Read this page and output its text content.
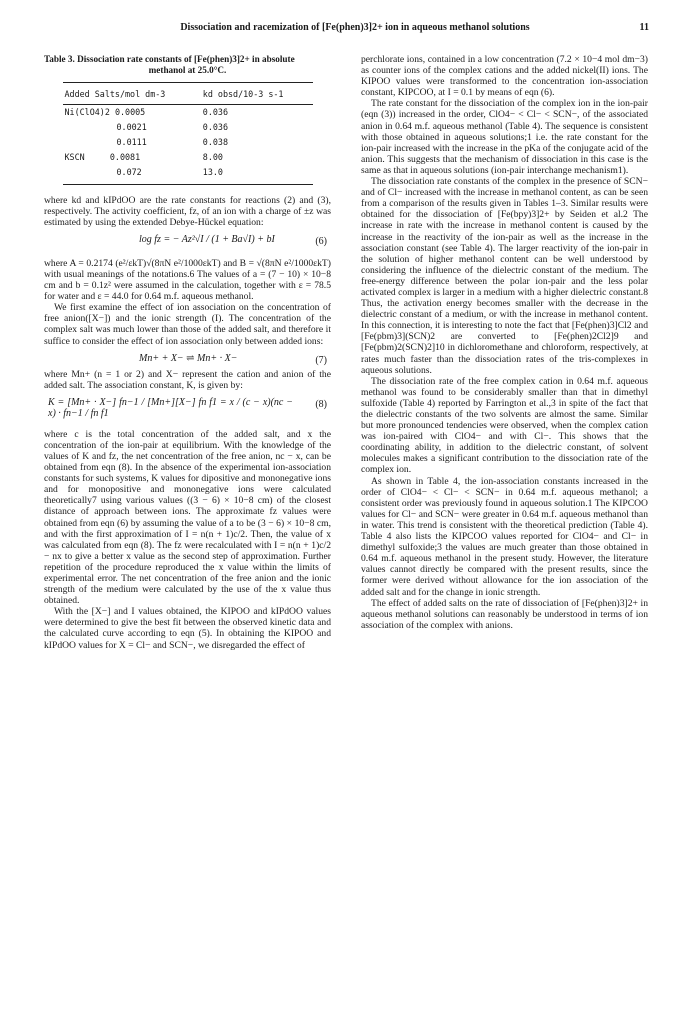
Dissociation and racemization of [Fe(phen)3]2+ ion in aqueous methanol solutions	11

Table 3. Dissociation rate constants of [Fe(phen)3]2+ in absolute
methanol at 25.0°C.

Added Salts/mol dm-3	kd obsd/10-3 s-1
Ni(ClO4)2 0.0005	0.036
0.0021	0.036
0.0111	0.038
KSCN 0.0081	8.00
0.072	13.0

where kd and kIPdOO are the rate constants for reactions (2) and (3), respectively. The activity coefficient, fz, of an ion with a charge of ±z was estimated by using the extended Debye-Hückel equation:

log fz = − Az²√I / (1 + Ba√I) + bI	(6)

where A = 0.2174 (e²/εkT)√(8πN e²/1000εkT) and B = √(8πN e²/1000εkT) with usual meanings of the notations.6 The values of a = (7 − 10) × 10−8 cm and b = 0.1z² were assumed in the calculation, together with ε = 78.5 for water and ε = 44.0 for 0.64 m.f. aqueous methanol.

We first examine the effect of ion association on the concentration of free anion([X−]) and the ionic strength (I). The concentration of the complex salt was much lower than those of the added salt, and therefore it suffice to consider the effect of ion association only between added ions:

Mn+ + X− ⇌ Mn+ · X−	(7)

where Mn+ (n = 1 or 2) and X− represent the cation and anion of the added salt. The association constant, K, is given by:

K = [Mn+ · X−] fn−1 / [Mn+][X−] fn f1 = x / (c − x)(nc − x) · fn−1 / fn f1
(8)

where c is the total concentration of the added salt, and x the concentration of the ion-pair at equilibrium. With the knowledge of the values of K and fz, the net concentration of the free anion, nc − x, can be obtained from eqn (8). In the absence of the experimental ion-association constants for such systems, K values for dipositive and mononegative ions and for monopositive and mononegative ions were calculated theoretically7 using various values ((3 − 6) × 10−8 cm) of the closest distance of approach between ions. The approximate fz values were obtained from eqn (6) by assuming the value of a to be (3 − 6) × 10−8 cm, and with the first approximation of I = n(n + 1)c/2. Then, the value of x was calculated from eqn (8). The fz were recalculated with I = n(n + 1)c/2 − nx to give a better x value as the second step of approximation. Further repetition of the procedure reproduced the x value within the limits of experimental error. The net concentration of the free anion and the ionic strength of the medium were calculated by the use of the x value thus obtained.

With the [X−] and I values obtained, the KIPOO and kIPdOO values were determined to give the best fit between the observed kinetic data and the calculated curve according to eqn (5). In obtaining the KIPOO and kIPdOO values for X = Cl− and SCN−, we disregarded the effect of

perchlorate ions, contained in a low concentration (7.2 × 10−4 mol dm−3) as counter ions of the complex cations and the added nickel(II) ions. The KIPOO values were transformed to the concentration ion-association constant, KIPCOO, at I = 0.1 by means of eqn (6).

The rate constant for the dissociation of the complex ion in the ion-pair (eqn (3)) increased in the order, ClO4− < Cl− < SCN−, of the associated anion in 0.64 m.f. aqueous methanol (Table 4). The sequence is consistent with those obtained in aqueous solutions;1 i.e. the rate constant for the ion-pair increased with the increase in the pKa of the conjugate acid of the anion. This suggests that the mechanism of dissociation in this case is the same as that in aqueous solutions (ion-pair interchange mechanism1).

The dissociation rate constants of the complex in the presence of SCN− and of Cl− increased with the increase in methanol content, as can be seen from a comparison of the results given in Tables 1–3. Similar results were obtained for the dissociation of [Fe(bpy)3]2+ by Seiden et al.2 The increase in rate with the increase in methanol content is caused by the increase in the reactivity of the ion-pair as well as the increase in the association constant (see Table 4). The larger reactivity of the ion-pair in the solution of higher methanol content can be well understood by considering the influence of the dielectric constant of the medium. The free-energy difference between the polar ion-pair and the less polar activated complex is larger in a medium with a higher dielectric constant.8 Thus, the activation energy becomes smaller with the decrease in the dielectric constant of a medium, or with the increase in methanol content. In this connection, it is interesting to note the fact that [Fe(phen)3]Cl2 and [Fe(pbm)3](SCN)2 are converted to [Fe(phen)2Cl2]9 and [Fe(pbm)2(SCN)2]10 in dichloromethane and chloroform, respectively, at rates much faster than the dissociation rates of the tris-complexes in aqueous solutions.

The dissociation rate of the free complex cation in 0.64 m.f. aqueous methanol was found to be considerably smaller than that in dimethyl sulfoxide (Table 4) reported by Farrington et al.,3 in spite of the fact that the dielectric constants of the two solvents are almost the same. Similar but more pronounced tendencies were observed, when the complex cation was ion-paired with ClO4− and with Cl−. This shows that the coordinating ability, in addition to the dielectric constant, of solvent molecules makes a significant contribution to the dissociation rate of the complex ion.

As shown in Table 4, the ion-association constants increased in the order of ClO4− < Cl− < SCN− in 0.64 m.f. aqueous methanol; a consistent order was previously found in aqueous solution.1 The KIPCOO values for Cl− and SCN− were greater in 0.64 m.f. aqueous methanol than in water. This trend is consistent with the theoretical prediction (Table 4). Table 4 also lists the KIPCOO values reported for ClO4− and Cl− in dimethyl sulfoxide;3 the values are much greater than those obtained in 0.64 m.f. aqueous methanol in the present study. However, the literature values cannot directly be compared with the present results, since the former were derived without allowance for the ion association of the added salt and for the change in ionic strength.

The effect of added salts on the rate of dissociation of [Fe(phen)3]2+ in aqueous methanol solutions can reasonably be understood in terms of ion association of the complex with anions.
